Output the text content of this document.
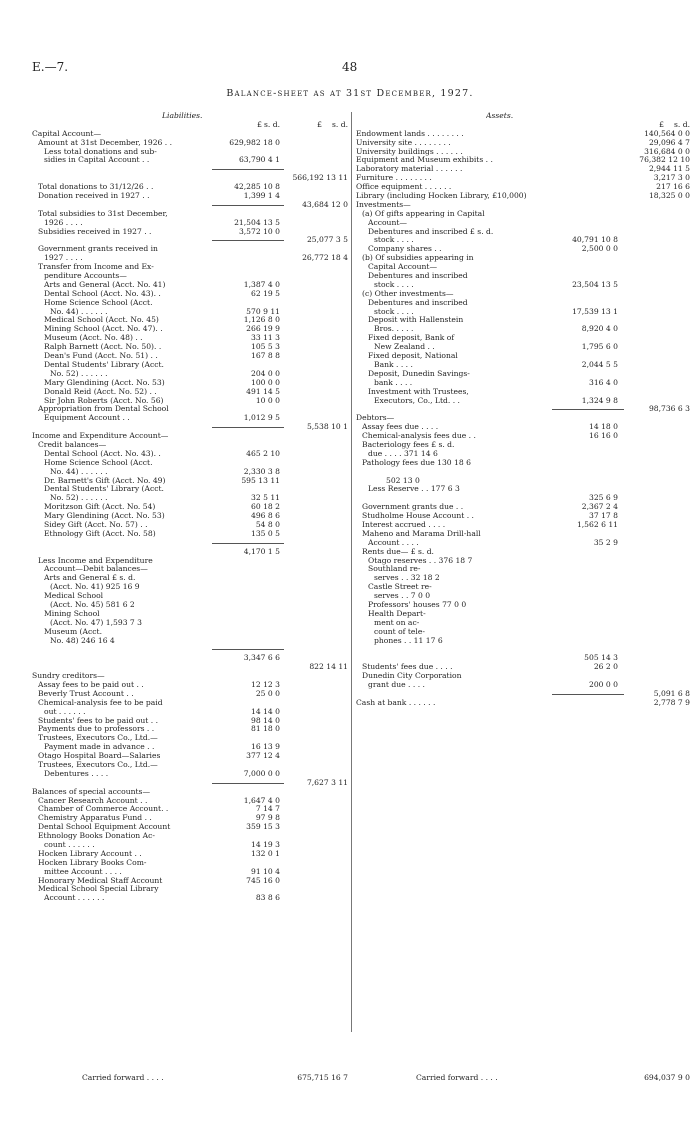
E.—7.	48
Balance-sheet as at 31st December, 1927.
Liabilities.
£ s. d.	£ s. d.
Capital Account—
Amount at 31st December, 1926 . .	629,982 18 0
Less total donations and sub-
sidies in Capital Account . .	63,790 4 1
566,192 13 11
Total donations to 31/12/26 . .	42,285 10 8
Donation received in 1927 . .	1,399 1 4
43,684 12 0
Total subsidies to 31st December,
1926 . . . .	21,504 13 5
Subsidies received in 1927 . .	3,572 10 0
25,077 3 5
Government grants received in
1927 . . . .	26,772 18 4
Transfer from Income and Ex-
penditure Accounts—
Arts and General (Acct. No. 41)	1,387 4 0
Dental School (Acct. No. 43). .	62 19 5
Home Science School (Acct.
No. 44) . . . . . .	570 9 11
Medical School (Acct. No. 45)	1,126 8 0
Mining School (Acct. No. 47). .	266 19 9
Museum (Acct. No. 48) . .	33 11 3
Ralph Barnett (Acct. No. 50). .	105 5 3
Dean's Fund (Acct. No. 51) . .	167 8 8
Dental Students' Library (Acct.
No. 52) . . . . . .	204 0 0
Mary Glendining (Acct. No. 53)	100 0 0
Donald Reid (Acct. No. 52) . .	491 14 5
Sir John Roberts (Acct. No. 56)	10 0 0
Appropriation from Dental School
Equipment Account . .	1,012 9 5
5,538 10 1
Income and Expenditure Account—
Credit balances—
Dental School (Acct. No. 43). .	465 2 10
Home Science School (Acct.
No. 44) . . . . . .	2,330 3 8
Dr. Barnett's Gift (Acct. No. 49)	595 13 11
Dental Students' Library (Acct.
No. 52) . . . . . .	32 5 11
Moritzson Gift (Acct. No. 54)	60 18 2
Mary Glendining (Acct. No. 53)	496 8 6
Sidey Gift (Acct. No. 57) . .	54 8 0
Ethnology Gift (Acct. No. 58)	135 0 5
4,170 1 5
Less Income and Expenditure
Account—Debit balances—
Arts and General £ s. d.
(Acct. No. 41) 925 16 9
Medical School
(Acct. No. 45) 581 6 2
Mining School
(Acct. No. 47) 1,593 7 3
Museum (Acct.
No. 48) 246 16 4
3,347 6 6
822 14 11
Sundry creditors—
Assay fees to be paid out . .	12 12 3
Beverly Trust Account . .	25 0 0
Chemical-analysis fee to be paid
out . . . . . .	14 14 0
Students' fees to be paid out . .	98 14 0
Payments due to professors . .	81 18 0
Trustees, Executors Co., Ltd.—
Payment made in advance . .	16 13 9
Otago Hospital Board—Salaries	377 12 4
Trustees, Executors Co., Ltd.—
Debentures . . . .	7,000 0 0
7,627 3 11
Balances of special accounts—
Cancer Research Account . .	1,647 4 0
Chamber of Commerce Account. .	7 14 7
Chemistry Apparatus Fund . .	97 9 8
Dental School Equipment Account	359 15 3
Ethnology Books Donation Ac-
count . . . . . .	14 19 3
Hocken Library Account . .	132 0 1
Hocken Library Books Com-
mittee Account . . . .	91 10 4
Honorary Medical Staff Account	745 16 0
Medical School Special Library
Account . . . . . .	83 8 6
Carried forward . . . .	675,715 16 7
Assets.
£ s. d.
Endowment lands . . . . . . . .	140,564 0 0
University site . . . . . . . .	29,096 4 7
University buildings . . . . . .	316,684 0 0
Equipment and Museum exhibits . .	76,382 12 10
Laboratory material . . . . . .	2,944 11 5
Furniture . . . . . . . .	3,217 3 0
Office equipment . . . . . .	217 16 6
Library (including Hocken Library, £10,000)	18,325 0 0
Investments—
(a) Of gifts appearing in Capital
Account—
Debentures and inscribed £ s. d.
stock . . . .	40,791 10 8
Company shares . .	2,500 0 0
(b) Of subsidies appearing in
Capital Account—
Debentures and inscribed
stock . . . .	23,504 13 5
(c) Other investments—
Debentures and inscribed
stock . . . .	17,539 13 1
Deposit with Hallenstein
Bros. . . . .	8,920 4 0
Fixed deposit, Bank of
New Zealand . .	1,795 6 0
Fixed deposit, National
Bank . . . .	2,044 5 5
Deposit, Dunedin Savings-
bank . . . .	316 4 0
Investment with Trustees,
Executors, Co., Ltd. . .	1,324 9 8
98,736 6 3
Debtors—
Assay fees due . . . .	14 18 0
Chemical-analysis fees due . .	16 16 0
Bacteriology fees £ s. d.
due . . . . 371 14 6
Pathology fees due 130 18 6
502 13 0
Less Reserve . . 177 6 3
325 6 9
Government grants due . .	2,367 2 4
Studholme House Account . .	37 17 8
Interest accrued . . . .	1,562 6 11
Maheno and Marama Drill-hall
Account . . . .	35 2 9
Rents due— £ s. d.
Otago reserves . . 376 18 7
Southland re-
serves . . 32 18 2
Castle Street re-
serves . . 7 0 0
Professors' houses 77 0 0
Health Depart-
ment on ac-
count of tele-
phones . . 11 17 6
505 14 3
Students' fees due . . . .	26 2 0
Dunedin City Corporation
grant due . . . .	200 0 0
5,091 6 8
Cash at bank . . . . . .	2,778 7 9
Carried forward . . . .	694,037 9 0
